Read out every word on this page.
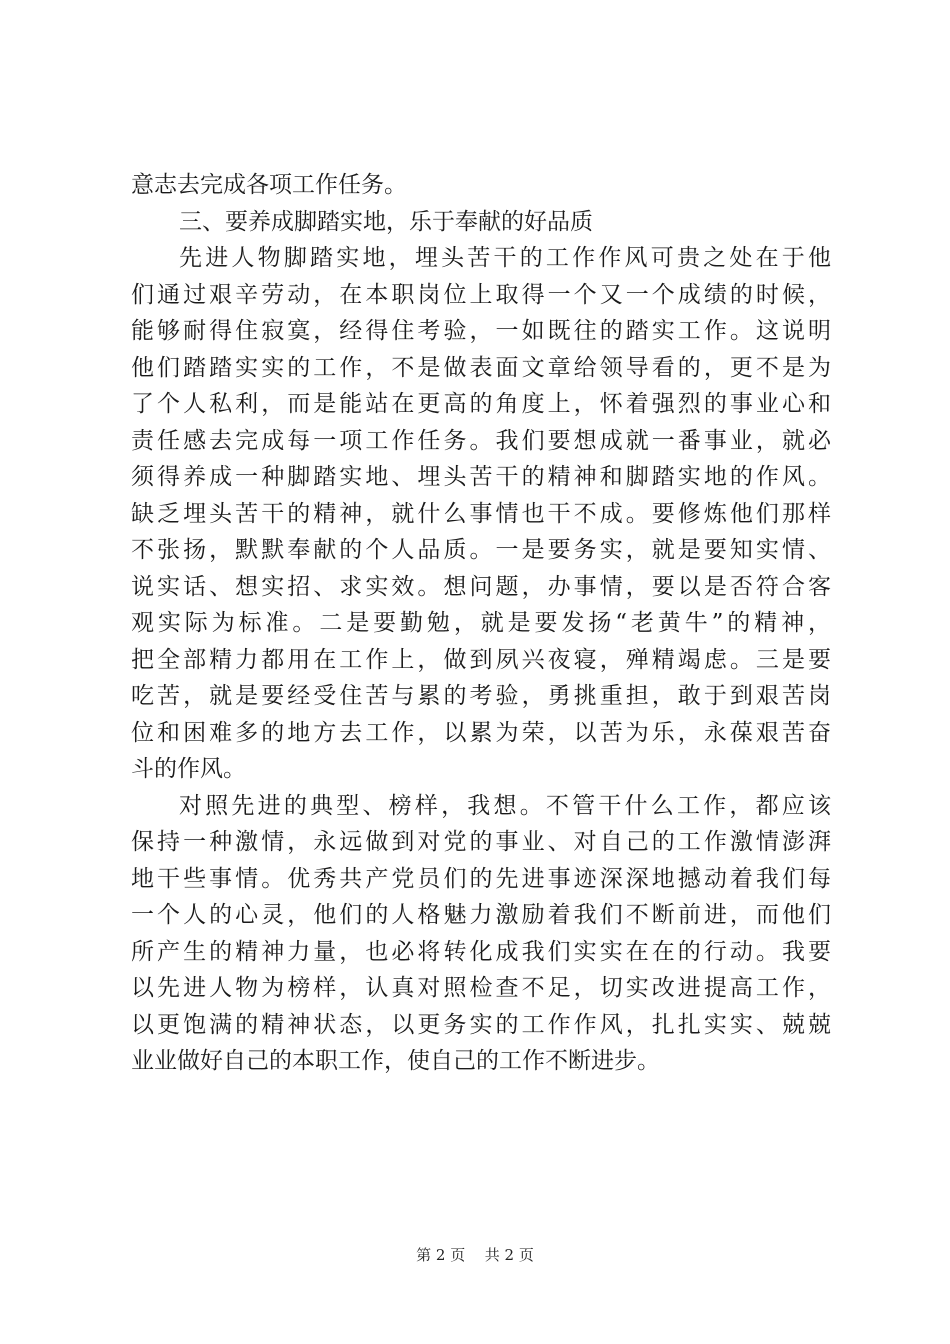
意志去完成各项工作任务。
三、要养成脚踏实地，乐于奉献的好品质
先进人物脚踏实地，埋头苦干的工作作风可贵之处在于他
们通过艰辛劳动，在本职岗位上取得一个又一个成绩的时候，
能够耐得住寂寞，经得住考验，一如既往的踏实工作。这说明
他们踏踏实实的工作，不是做表面文章给领导看的，更不是为
了个人私利，而是能站在更高的角度上，怀着强烈的事业心和
责任感去完成每一项工作任务。我们要想成就一番事业，就必
须得养成一种脚踏实地、埋头苦干的精神和脚踏实地的作风。
缺乏埋头苦干的精神，就什么事情也干不成。要修炼他们那样
不张扬，默默奉献的个人品质。一是要务实，就是要知实情、
说实话、想实招、求实效。想问题，办事情，要以是否符合客
观实际为标准。二是要勤勉，就是要发扬“老黄牛”的精神，
把全部精力都用在工作上，做到夙兴夜寝，殚精竭虑。三是要
吃苦，就是要经受住苦与累的考验，勇挑重担，敢于到艰苦岗
位和困难多的地方去工作，以累为荣，以苦为乐，永葆艰苦奋
斗的作风。
对照先进的典型、榜样，我想。不管干什么工作，都应该
保持一种激情，永远做到对党的事业、对自己的工作激情澎湃
地干些事情。优秀共产党员们的先进事迹深深地撼动着我们每
一个人的心灵，他们的人格魅力激励着我们不断前进，而他们
所产生的精神力量，也必将转化成我们实实在在的行动。我要
以先进人物为榜样，认真对照检查不足，切实改进提高工作，
以更饱满的精神状态，以更务实的工作作风，扎扎实实、兢兢
业业做好自己的本职工作，使自己的工作不断进步。
第 2 页 共 2 页
